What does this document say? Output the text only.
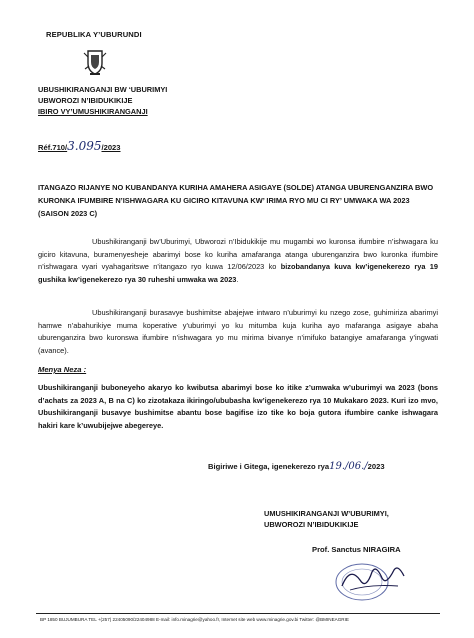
REPUBLIKA Y’UBURUNDI
UBUSHIKIRANGANJI BW ‘UBURIMYI
UBWOROZI N’IBIDUKIKIJE
IBIRO VY’UMUSHIKIRANGANJI
Réf.710/3.095/2023
ITANGAZO RIJANYE NO KUBANDANYA KURIHA AMAHERA ASIGAYE (SOLDE) ATANGA UBURENGANZIRA BWO KURONKA IFUMBIRE N’ISHWAGARA KU GICIRO KITAVUNA KW’ IRIMA RYO MU CI RY’ UMWAKA WA 2023 (SAISON 2023 C)
Ubushikiranganji bw’Uburimyi, Ubworozi n’Ibidukikije mu mugambi wo kuronsa ifumbire n’ishwagara ku giciro kitavuna, buramenyesheje abarimyi bose ko kuriha amafaranga atanga uburenganzira bwo kuronka ifumbire n’ishwagara vyari vyahagaritswe n’itangazo ryo kuwa 12/06/2023 ko bizobandanya kuva kw’igenekerezo rya 19 gushika kw’igenekerezo rya 30 ruheshi umwaka wa 2023.
Ubushikiranganji burasavye bushimitse abajejwe intwaro n’uburimyi ku nzego zose, guhimiriza abarimyi hamwe n’abahurikiye muma koperative y’uburimyi yo ku mitumba kuja kuriha ayo mafaranga asigaye abaha uburenganzira bwo kuronswa ifumbire n’ishwagara yo mu mirima bivanye n’imifuko batangiye amafaranga y’ingwati (avance).
Menya Neza :
Ubushikiranganji buboneyeho akaryo ko kwibutsa abarimyi bose ko itike z’umwaka w’uburimyi wa 2023 (bons d’achats za 2023 A, B na C) ko zizotakaza ikiringo/ububasha kw’igenekerezo rya 10 Mukakaro 2023. Kuri izo mvo, Ubushikiranganji busavye bushimitse abantu bose bagifise izo tike ko boja gutora ifumbire canke ishwagara hakiri kare k’uwubijejwe abegereye.
Bigiriwe i Gitega, igenekerezo rya19./06./2023
UMUSHIKIRANGANJI W’UBURIMYI,
UBWOROZI N’IBIDUKIKIJE
Prof. Sanctus NIRAGIRA
BP 1850 BUJUMBURA TEL +(257) 22405090/22404988 E-mail: info.minagrie@yahoo.fr, Internet site web www.minagrie.gov.bi Twitter: @BMINEAGRIE
